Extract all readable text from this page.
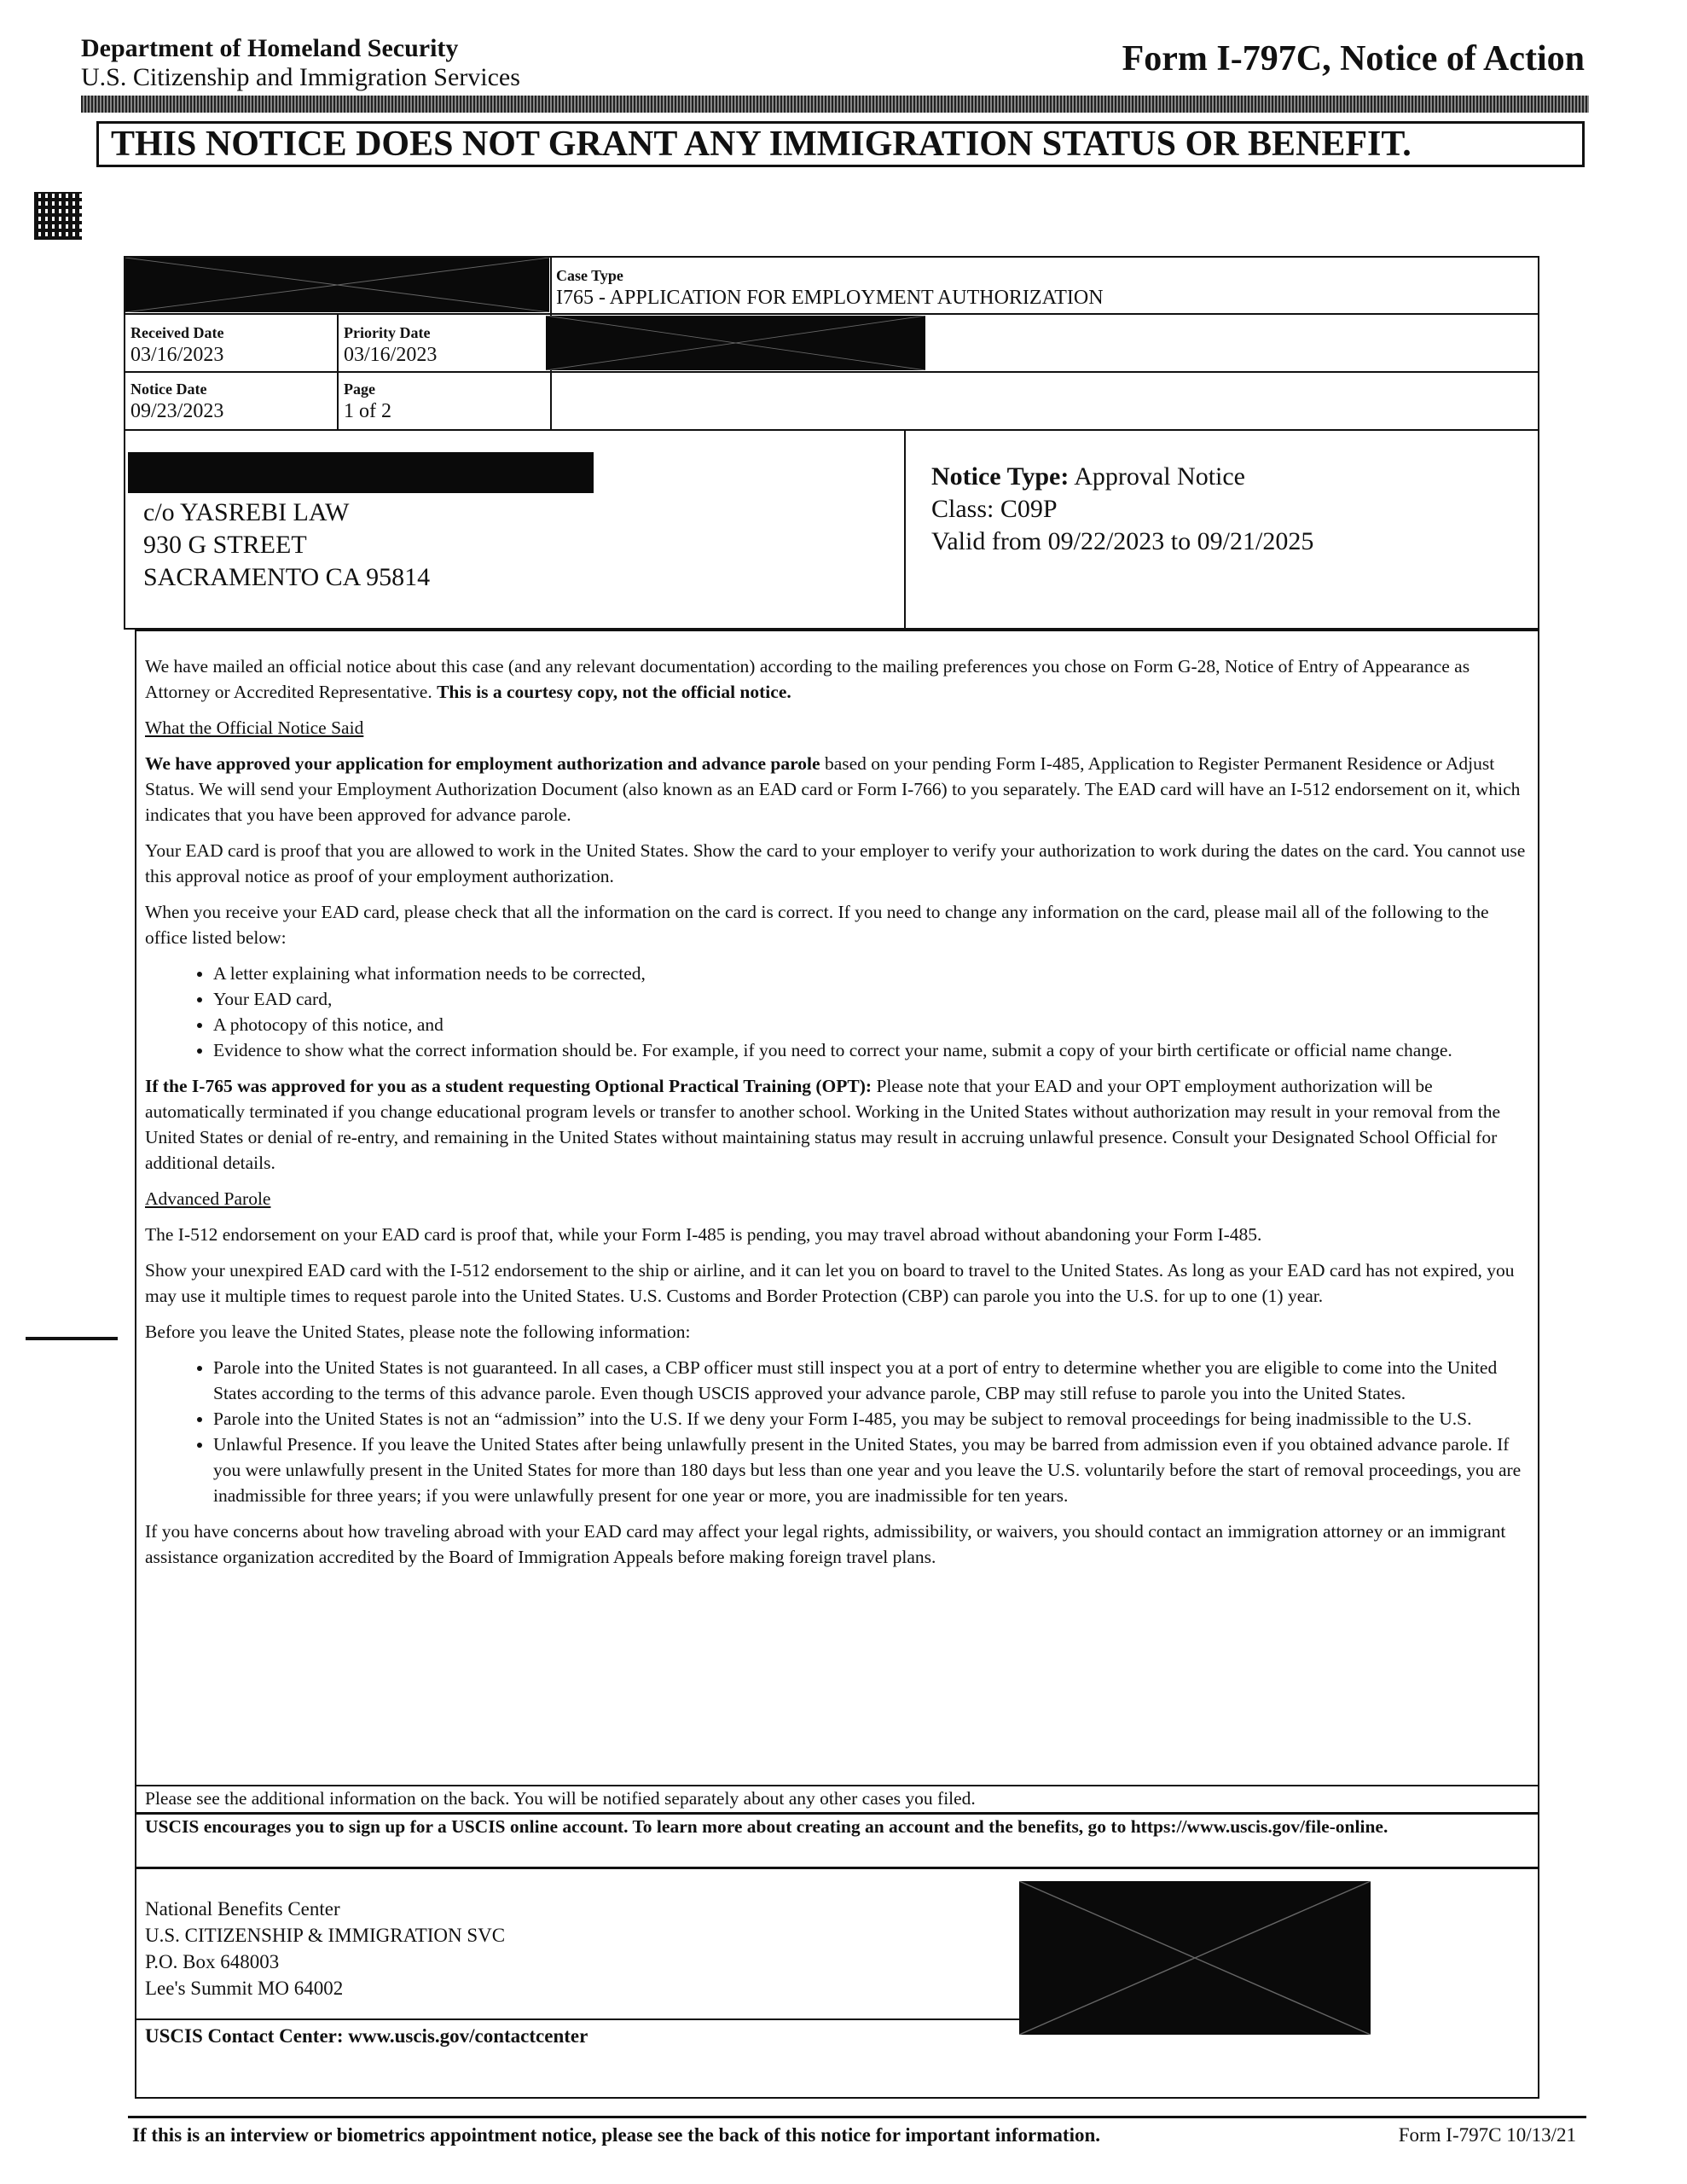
Department of Homeland Security
U.S. Citizenship and Immigration Services	Form I-797C, Notice of Action
THIS NOTICE DOES NOT GRANT ANY IMMIGRATION STATUS OR BENEFIT.
Case Type
I765 - APPLICATION FOR EMPLOYMENT AUTHORIZATION
Received Date
03/16/2023
Priority Date
03/16/2023
Notice Date
09/23/2023
Page
1 of 2
c/o YASREBI LAW
930 G STREET
SACRAMENTO CA 95814
Notice Type: Approval Notice
Class: C09P
Valid from 09/22/2023 to 09/21/2025

We have mailed an official notice about this case (and any relevant documentation) according to the mailing preferences you chose on Form G-28, Notice of Entry of Appearance as Attorney or Accredited Representative. This is a courtesy copy, not the official notice.

What the Official Notice Said

We have approved your application for employment authorization and advance parole based on your pending Form I-485, Application to Register Permanent Residence or Adjust Status. We will send your Employment Authorization Document (also known as an EAD card or Form I-766) to you separately. The EAD card will have an I-512 endorsement on it, which indicates that you have been approved for advance parole.

Your EAD card is proof that you are allowed to work in the United States. Show the card to your employer to verify your authorization to work during the dates on the card. You cannot use this approval notice as proof of your employment authorization.

When you receive your EAD card, please check that all the information on the card is correct. If you need to change any information on the card, please mail all of the following to the office listed below:

• A letter explaining what information needs to be corrected,
• Your EAD card,
• A photocopy of this notice, and
• Evidence to show what the correct information should be. For example, if you need to correct your name, submit a copy of your birth certificate or official name change.

If the I-765 was approved for you as a student requesting Optional Practical Training (OPT): Please note that your EAD and your OPT employment authorization will be automatically terminated if you change educational program levels or transfer to another school. Working in the United States without authorization may result in your removal from the United States or denial of re-entry, and remaining in the United States without maintaining status may result in accruing unlawful presence. Consult your Designated School Official for additional details.

Advanced Parole

The I-512 endorsement on your EAD card is proof that, while your Form I-485 is pending, you may travel abroad without abandoning your Form I-485.

Show your unexpired EAD card with the I-512 endorsement to the ship or airline, and it can let you on board to travel to the United States. As long as your EAD card has not expired, you may use it multiple times to request parole into the United States. U.S. Customs and Border Protection (CBP) can parole you into the U.S. for up to one (1) year.

Before you leave the United States, please note the following information:

• Parole into the United States is not guaranteed. In all cases, a CBP officer must still inspect you at a port of entry to determine whether you are eligible to come into the United States according to the terms of this advance parole. Even though USCIS approved your advance parole, CBP may still refuse to parole you into the United States.
• Parole into the United States is not an “admission” into the U.S. If we deny your Form I-485, you may be subject to removal proceedings for being inadmissible to the U.S.
• Unlawful Presence. If you leave the United States after being unlawfully present in the United States, you may be barred from admission even if you obtained advance parole. If you were unlawfully present in the United States for more than 180 days but less than one year and you leave the U.S. voluntarily before the start of removal proceedings, you are inadmissible for three years; if you were unlawfully present for one year or more, you are inadmissible for ten years.

If you have concerns about how traveling abroad with your EAD card may affect your legal rights, admissibility, or waivers, you should contact an immigration attorney or an immigrant assistance organization accredited by the Board of Immigration Appeals before making foreign travel plans.

Please see the additional information on the back. You will be notified separately about any other cases you filed.
USCIS encourages you to sign up for a USCIS online account. To learn more about creating an account and the benefits, go to https://www.uscis.gov/file-online.
National Benefits Center
U.S. CITIZENSHIP & IMMIGRATION SVC
P.O. Box 648003
Lee's Summit MO 64002
USCIS Contact Center: www.uscis.gov/contactcenter
If this is an interview or biometrics appointment notice, please see the back of this notice for important information.	Form I-797C 10/13/21
